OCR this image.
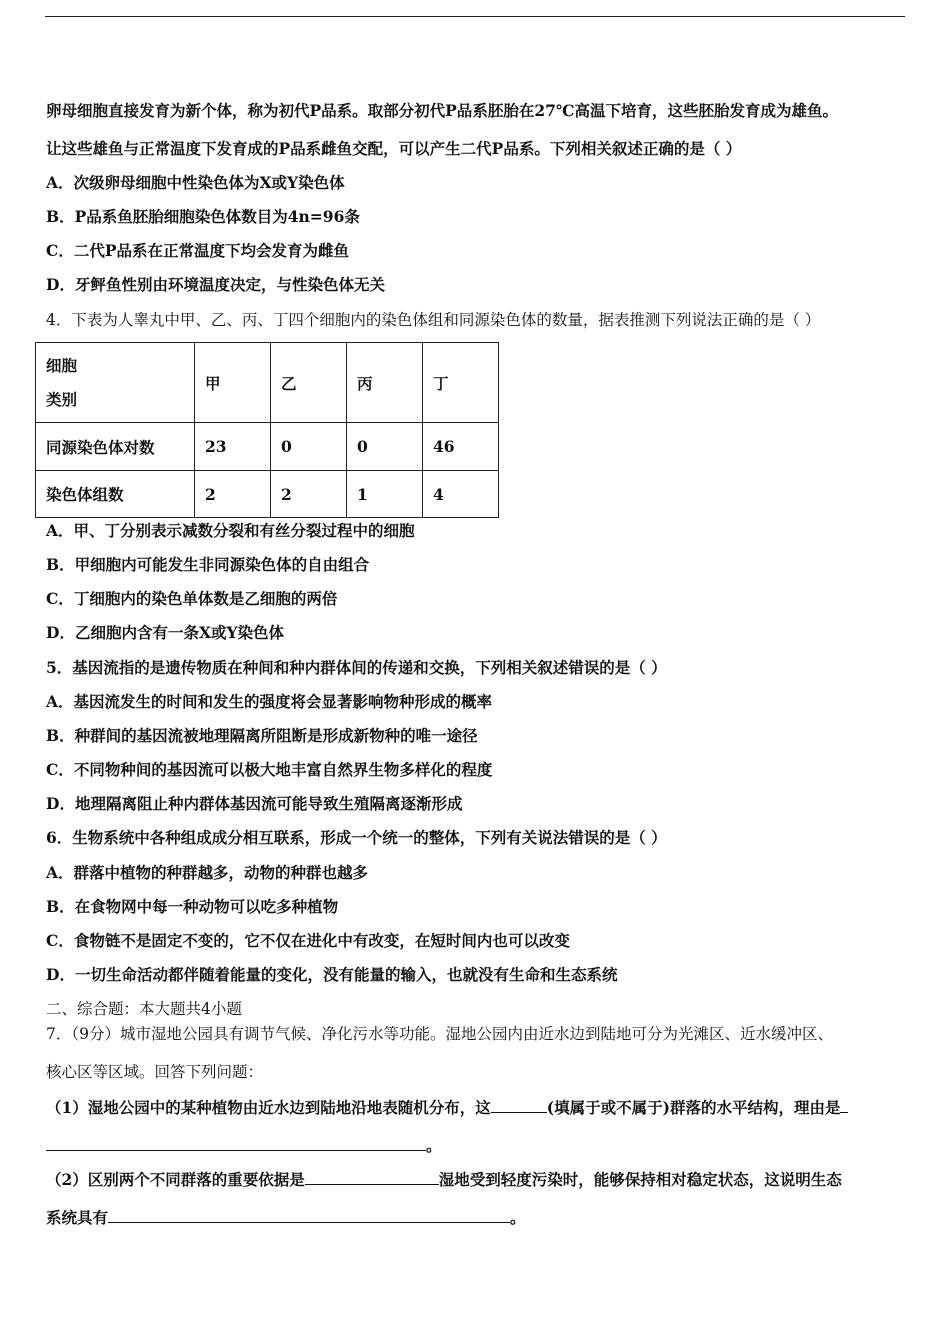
卵母细胞直接发育为新个体，称为初代P品系。取部分初代P品系胚胎在27℃高温下培育，这些胚胎发育成为雄鱼。
让这些雄鱼与正常温度下发育成的P品系雌鱼交配，可以产生二代P品系。下列相关叙述正确的是（ ）
A．次级卵母细胞中性染色体为X或Y染色体
B．P品系鱼胚胎细胞染色体数目为4n=96条
C．二代P品系在正常温度下均会发育为雌鱼
D．牙鲆鱼性别由环境温度决定，与性染色体无关
4．下表为人睾丸中甲、乙、丙、丁四个细胞内的染色体组和同源染色体的数量，据表推测下列说法正确的是（ ）
细胞
类别	甲	乙	丙	丁
同源染色体对数	23	0	0	46
染色体组数	2	2	1	4
A．甲、丁分别表示减数分裂和有丝分裂过程中的细胞
B．甲细胞内可能发生非同源染色体的自由组合
C．丁细胞内的染色单体数是乙细胞的两倍
D．乙细胞内含有一条X或Y染色体
5．基因流指的是遗传物质在种间和种内群体间的传递和交换，下列相关叙述错误的是（ ）
A．基因流发生的时间和发生的强度将会显著影响物种形成的概率
B．种群间的基因流被地理隔离所阻断是形成新物种的唯一途径
C．不同物种间的基因流可以极大地丰富自然界生物多样化的程度
D．地理隔离阻止种内群体基因流可能导致生殖隔离逐渐形成
6．生物系统中各种组成成分相互联系，形成一个统一的整体，下列有关说法错误的是（ ）
A．群落中植物的种群越多，动物的种群也越多
B．在食物网中每一种动物可以吃多种植物
C．食物链不是固定不变的，它不仅在进化中有改变，在短时间内也可以改变
D．一切生命活动都伴随着能量的变化，没有能量的输入，也就没有生命和生态系统
二、综合题：本大题共4小题
7．（9分）城市湿地公园具有调节气候、净化污水等功能。湿地公园内由近水边到陆地可分为光滩区、近水缓冲区、
核心区等区域。回答下列问题：
（1）湿地公园中的某种植物由近水边到陆地沿地表随机分布，这	(填属于或不属于)群落的水平结构，理由是
。
（2）区别两个不同群落的重要依据是	湿地受到轻度污染时，能够保持相对稳定状态，这说明生态
系统具有	。
